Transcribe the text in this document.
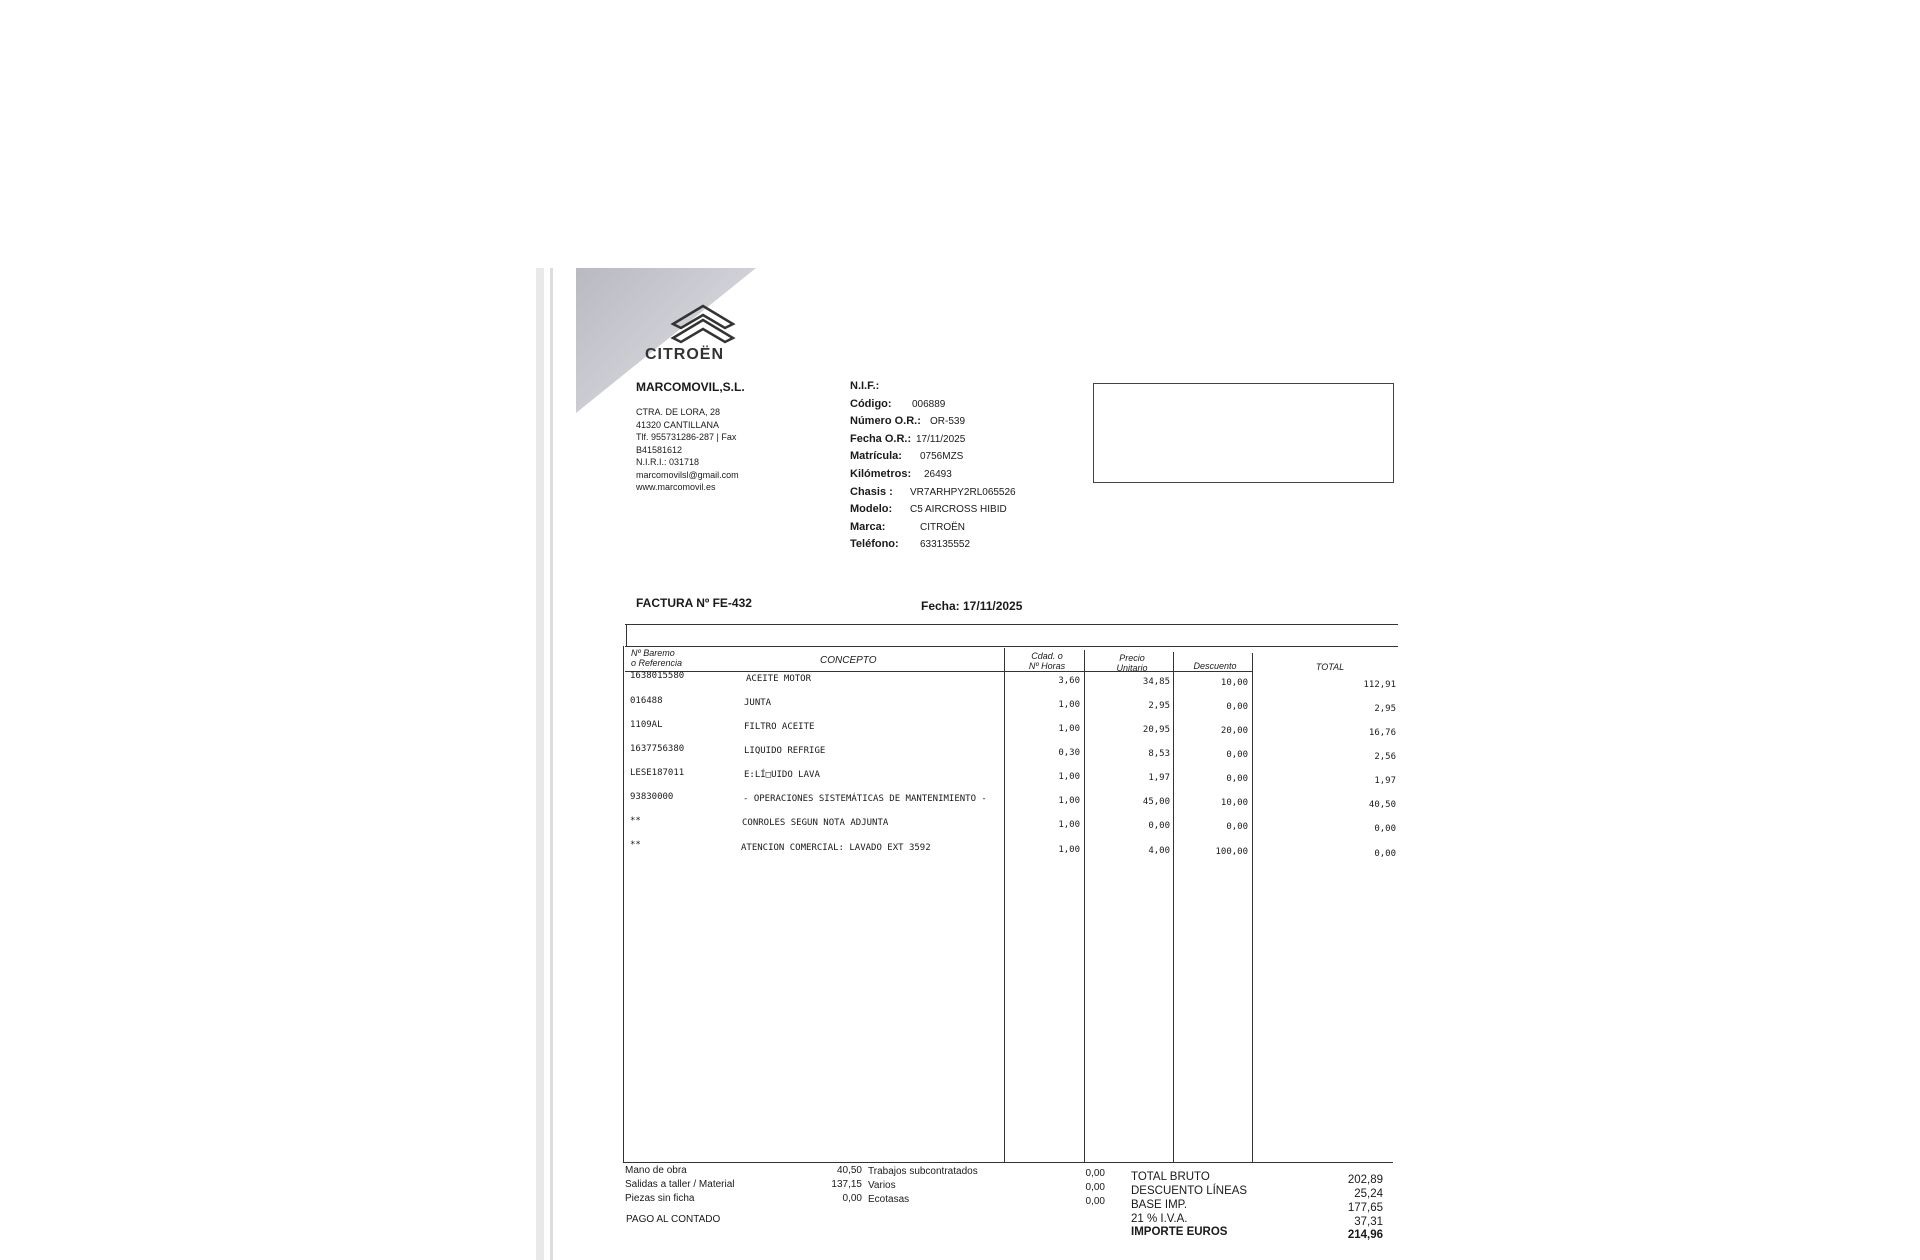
CITROËN
MARCOMOVIL,S.L.
CTRA. DE LORA, 28
41320 CANTILLANA
Tlf. 955731286-287 | Fax
B41581612
N.I.R.I.: 031718
marcomovilsl@gmail.com
www.marcomovil.es
N.I.F.:
Código: 006889
Número O.R.: OR-539
Fecha O.R.: 17/11/2025
Matrícula: 0756MZS
Kilómetros: 26493
Chasis : VR7ARHPY2RL065526
Modelo: C5 AIRCROSS HIBID
Marca:	CITROËN
Teléfono: 633135552
FACTURA Nº FE-432	Fecha: 17/11/2025
Nº Baremo
o Referencia	CONCEPTO	Cdad. o
Nº Horas
Precio
Unitario	Descuento	TOTAL
1638015580	ACEITE MOTOR	3,60	34,85	10,00	112,91
016488	JUNTA	1,00	2,95	0,00	2,95
1109AL	FILTRO ACEITE	1,00	20,95	20,00	16,76
1637756380	LIQUIDO REFRIGE	0,30	8,53	0,00	2,56
LESE187011	E:LÍ□UIDO LAVA	1,00	1,97	0,00	1,97
93830000	- OPERACIONES SISTEMÁTICAS DE MANTENIMIENTO -	1,00	45,00	10,00	40,50
**	CONROLES SEGUN NOTA ADJUNTA	1,00	0,00	0,00	0,00
**	ATENCION COMERCIAL: LAVADO EXT 3592	1,00	4,00	100,00	0,00
Mano de obra	40,50 Trabajos subcontratados	0,00
Salidas a taller / Material	137,15 Varios	0,00
Piezas sin ficha	0,00 Ecotasas	0,00
PAGO AL CONTADO
TOTAL BRUTO	202,89
DESCUENTO LÍNEAS	25,24
BASE IMP.	177,65
21 % I.V.A.	37,31
IMPORTE EUROS	214,96
